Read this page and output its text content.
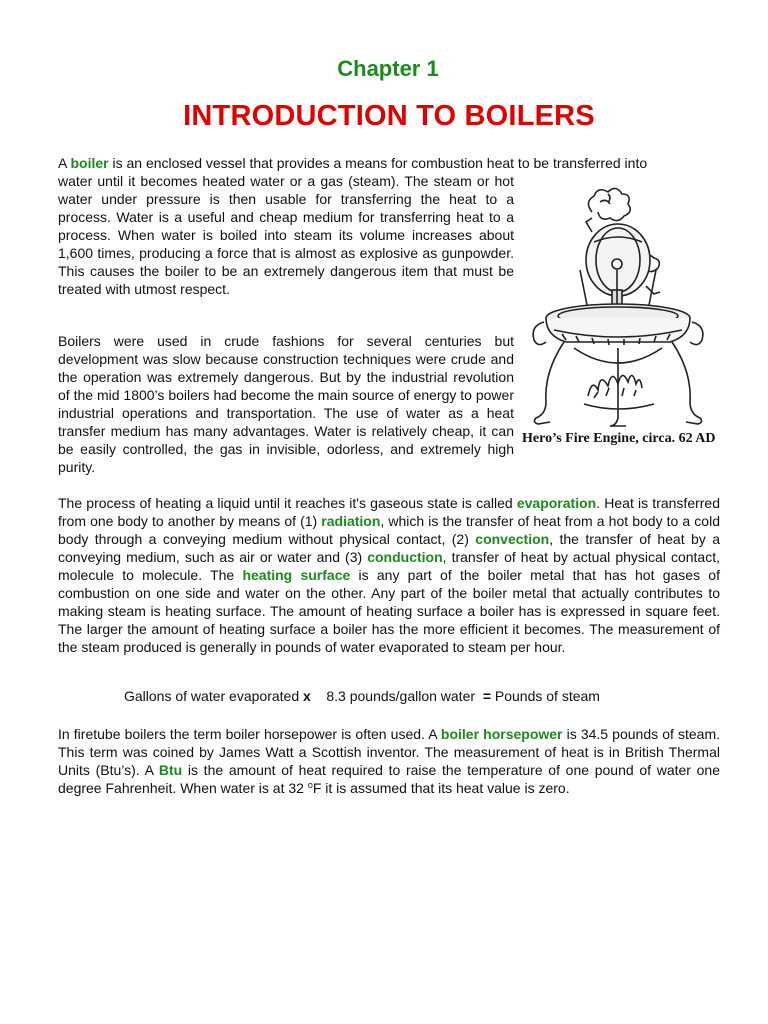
Chapter 1
INTRODUCTION TO BOILERS

A boiler is an enclosed vessel that provides a means for combustion heat to be transferred into

water until it becomes heated water or a gas (steam). The steam or hot water under pressure is then usable for transferring the heat to a process. Water is a useful and cheap medium for transferring heat to a process. When water is boiled into steam its volume increases about 1,600 times, producing a force that is almost as explosive as gunpowder. This causes the boiler to be an extremely dangerous item that must be treated with utmost respect.

Boilers were used in crude fashions for several centuries but development was slow because construction techniques were crude and the operation was extremely dangerous. But by the industrial revolution of the mid 1800’s boilers had become the main source of energy to power industrial operations and transportation. The use of water as a heat transfer medium has many advantages. Water is relatively cheap, it can be easily controlled, the gas in invisible, odorless, and extremely high purity.

Hero’s Fire Engine, circa. 62 AD

The process of heating a liquid until it reaches it's gaseous state is called evaporation. Heat is transferred from one body to another by means of (1) radiation, which is the transfer of heat from a hot body to a cold body through a conveying medium without physical contact, (2) convection, the transfer of heat by a conveying medium, such as air or water and (3) conduction, transfer of heat by actual physical contact, molecule to molecule. The heating surface is any part of the boiler metal that has hot gases of combustion on one side and water on the other. Any part of the boiler metal that actually contributes to making steam is heating surface. The amount of heating surface a boiler has is expressed in square feet. The larger the amount of heating surface a boiler has the more efficient it becomes. The measurement of the steam produced is generally in pounds of water evaporated to steam per hour.

Gallons of water evaporated x 8.3 pounds/gallon water  = Pounds of steam

In firetube boilers the term boiler horsepower is often used. A boiler horsepower is 34.5 pounds of steam. This term was coined by James Watt a Scottish inventor. The measurement of heat is in British Thermal Units (Btu’s). A Btu is the amount of heat required to raise the temperature of one pound of water one degree Fahrenheit. When water is at 32 $^o$F it is assumed that its heat value is zero.
